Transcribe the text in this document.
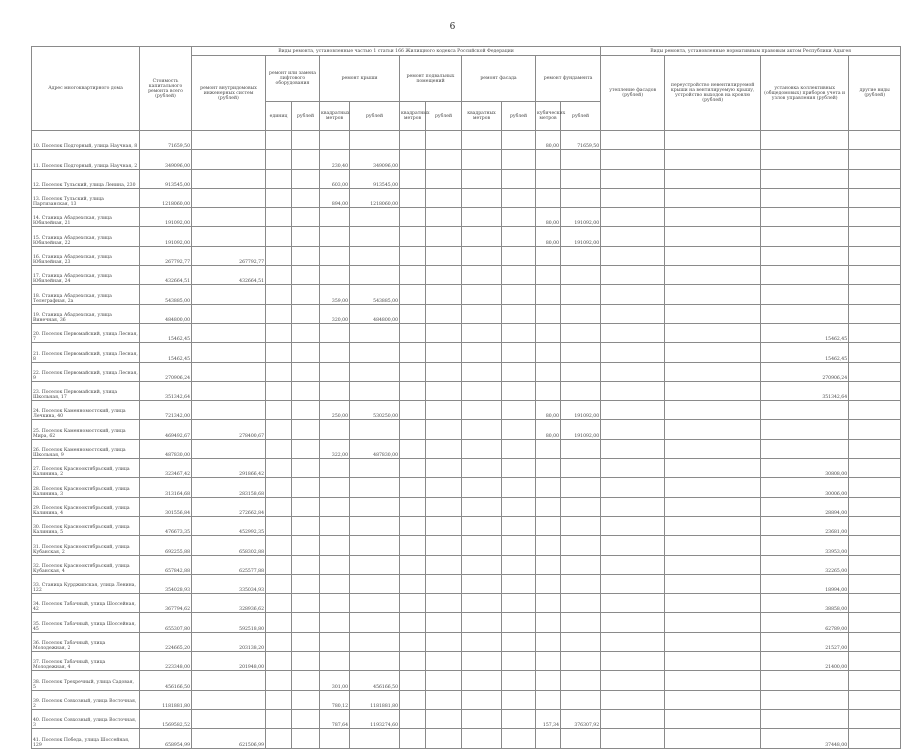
6
Адрес многоквартирного дома	Стоимость капитального ремонта всего (рублей)	Виды ремонта, установленные частью 1 статьи 166 Жилищного кодекса Российской Федерации											Виды ремонта, установленные нормативным правовым актом Республики Адыгея			
		ремонт внутридомовых инженерных систем (рублей)	ремонт или замена лифтового оборудования		ремонт крыши		ремонт подвальных помещений		ремонт фасада		ремонт фундамента		утепление фасадов (рублей)	переустройство невентилируемой крыши на вентилируемую крышу, устройство выходов на кровлю (рублей)	установка коллективных (общедомовых) приборов учета и узлов управления (рублей)	другие виды (рублей)
			единиц	рублей	квадратных метров	рублей	квадратных метров	рублей	квадратных метров	рублей	кубических метров	рублей				
10. Поселок Подгорный, улица Научная, 8	71659,50										80,00	71659,50				
11. Поселок Подгорный, улица Научная, 2	349096,00				230,40	349096,00										
12. Поселок Тульский, улица Ленина, 230	913545,00				603,00	913545,00										
13. Поселок Тульский, улица Партизанская, 13	1218060,00				894,00	1218060,00										
14. Станица Абадзехская, улица Юбилейная, 21	191092,00										80,00	191092,00				
15. Станица Абадзехская, улица Юбилейная, 22	191092,00										80,00	191092,00				
16. Станица Абадзехская, улица Юбилейная, 23	267792,77	267792,77														
17. Станица Абадзехская, улица Юбилейная, 24	432664,51	432664,51														
18. Станица Абадзехская, улица Телеграфная, 2а	543885,00				359,00	543885,00										
19. Станица Абадзехская, улица Винечная, 36	484800,00				320,00	484800,00										
20. Поселок Первомайский, улица Лесная, 7	15462,45														15462,45	
21. Поселок Первомайский, улица Лесная, 8	15462,45														15462,45	
22. Поселок Первомайский, улица Лесная, 9	270906,24														270906,24	
23. Поселок Первомайский, улица Школьная, 17	351342,64														351342,64	
24. Поселок Каменномостский, улица Лечкина, 40	721342,00				250,00	530250,00					80,00	191092,00				
25. Поселок Каменномостский, улица Мира, 62	469492,67	278400,67									80,00	191092,00				
26. Поселок Каменномостский, улица Школьная, 9	487830,00				322,00	487830,00										
27. Поселок Краснооктябрьский, улица Калинина, 2	323467,42	291866,42													30808,00	
28. Поселок Краснооктябрьский, улица Калинина, 3	313164,68	283158,68													30006,00	
29. Поселок Краснооктябрьский, улица Калинина, 4	301556,84	272662,84													28894,00	
30. Поселок Краснооктябрьский, улица Калинина, 5	476673,35	452992,35													23681,00	
31. Поселок Краснооктябрьский, улица Кубанская, 2	692255,88	658302,88													33953,00	
32. Поселок Краснооктябрьский, улица Кубанская, 4	657842,88	625577,88													32265,00	
33. Станица Курджипская, улица Ленина, 122	354028,93	335034,93													18994,00	
34. Поселок Табачный, улица Шоссейная, 42	367794,62	328936,62													38858,00	
35. Поселок Табачный, улица Шоссейная, 45	655307,80	592518,80													62789,00	
36. Поселок Табачный, улица Молодежная, 2	224665,20	203138,20													21527,00	
37. Поселок Табачный, улица Молодежная, 4	223348,00	201948,00													21400,00	
38. Поселок Трехречный, улица Садовая, 5	456166,50				301,00	456166,50										
39. Поселок Совхозный, улица Восточная, 2	1181881,80				780,12	1181881,80										
40. Поселок Совхозный, улица Восточная, 3	1569582,52				787,64	1193274,60					157,34	376307,92				
41. Поселок Победа, улица Шоссейная, 129	658954,99	621506,99													37448,00	
